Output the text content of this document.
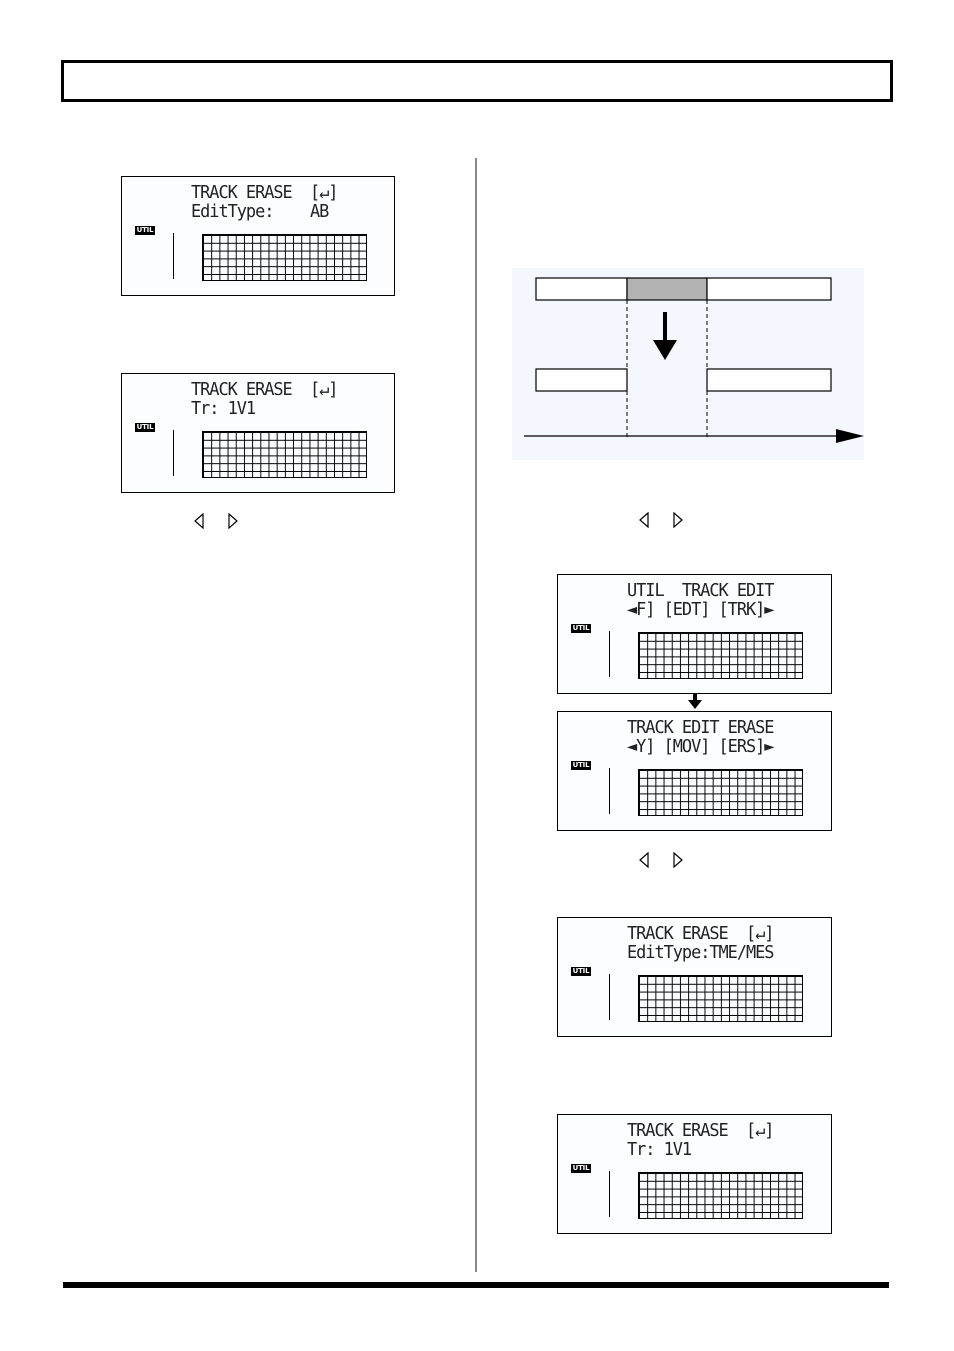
UTIL
TRACK ERASE  [↵]
EditType:    AB
UTIL
TRACK ERASE  [↵]
Tr: 1V1
UTIL
UTIL  TRACK EDIT
◄F] [EDT] [TRK]►
UTIL
TRACK EDIT ERASE
◄Y] [MOV] [ERS]►
UTIL
TRACK ERASE  [↵]
EditType:TME/MES
UTIL
TRACK ERASE  [↵]
Tr: 1V1
